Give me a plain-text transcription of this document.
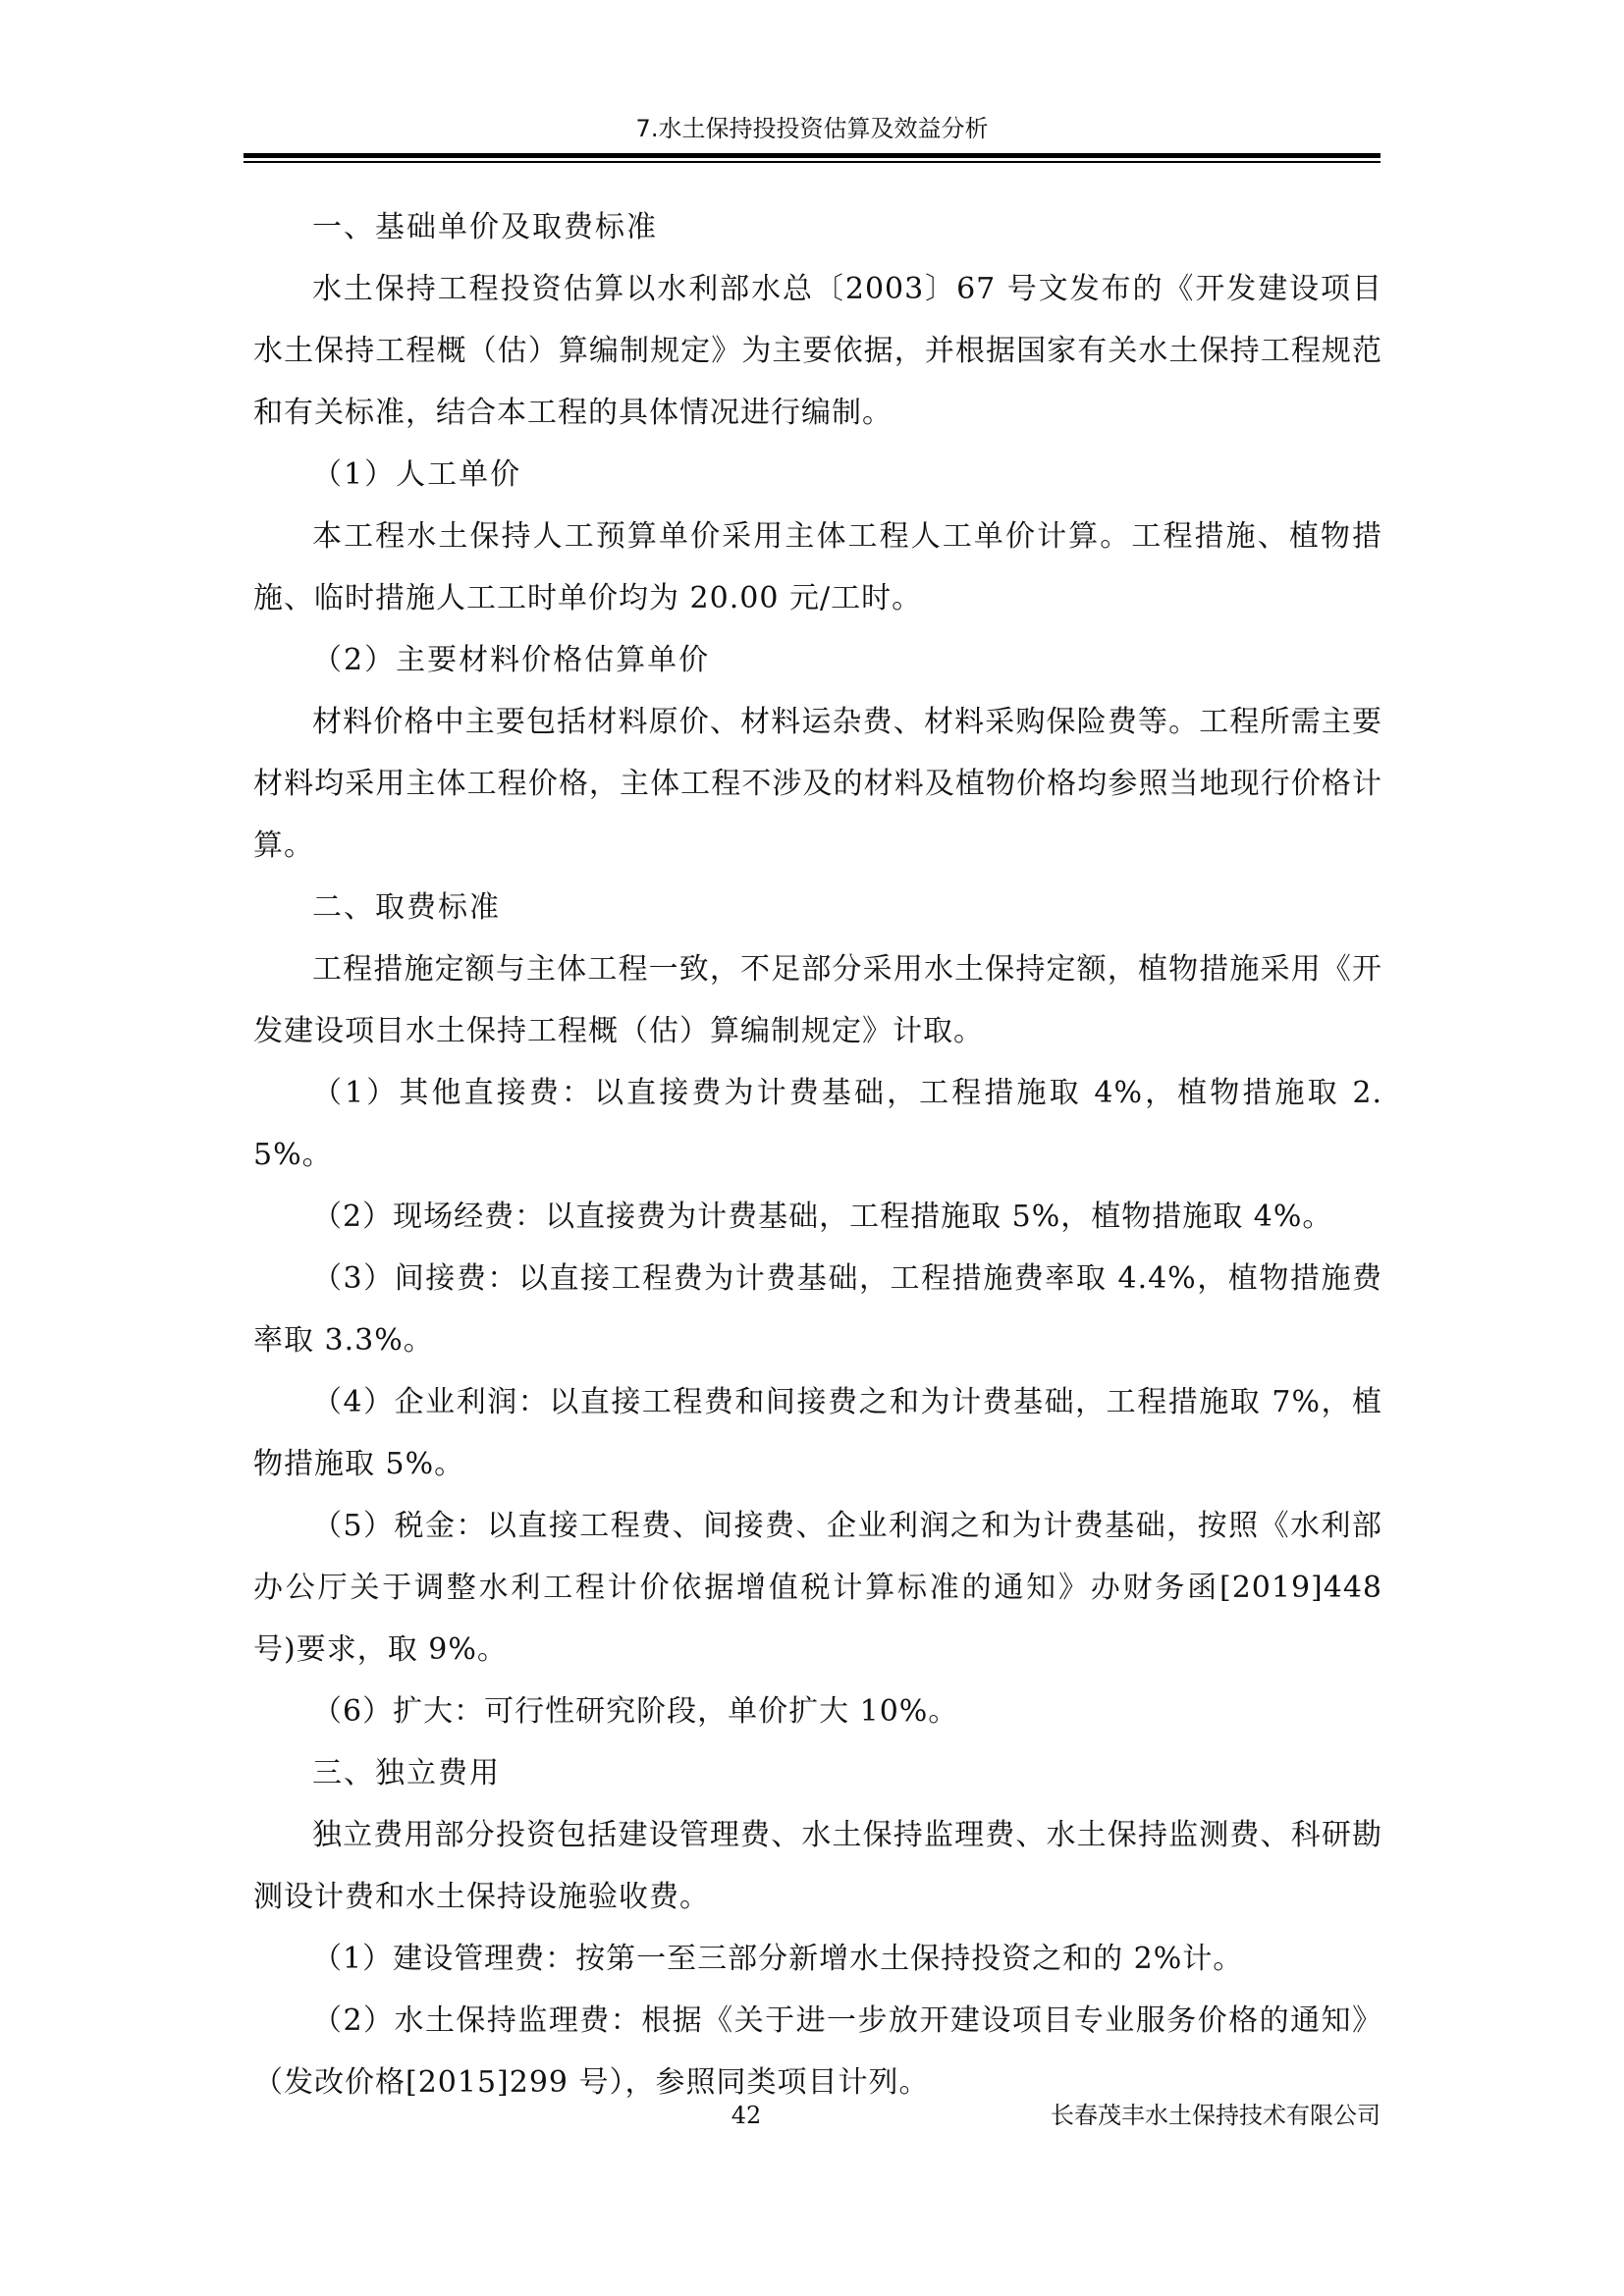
7.水土保持投投资估算及效益分析

一、基础单价及取费标准

水土保持工程投资估算以水利部水总〔2003〕67 号文发布的《开发建设项目水土保持工程概（估）算编制规定》为主要依据，并根据国家有关水土保持工程规范和有关标准，结合本工程的具体情况进行编制。

（1）人工单价

本工程水土保持人工预算单价采用主体工程人工单价计算。工程措施、植物措施、临时措施人工工时单价均为 20.00 元/工时。

（2）主要材料价格估算单价

材料价格中主要包括材料原价、材料运杂费、材料采购保险费等。工程所需主要材料均采用主体工程价格，主体工程不涉及的材料及植物价格均参照当地现行价格计算。

二、取费标准

工程措施定额与主体工程一致，不足部分采用水土保持定额，植物措施采用《开发建设项目水土保持工程概（估）算编制规定》计取。

（1）其他直接费：以直接费为计费基础，工程措施取 4%，植物措施取 2.5%。

（2）现场经费：以直接费为计费基础，工程措施取 5%，植物措施取 4%。

（3）间接费：以直接工程费为计费基础，工程措施费率取 4.4%，植物措施费率取 3.3%。

（4）企业利润：以直接工程费和间接费之和为计费基础，工程措施取 7%，植物措施取 5%。

（5）税金：以直接工程费、间接费、企业利润之和为计费基础，按照《水利部办公厅关于调整水利工程计价依据增值税计算标准的通知》办财务函[2019]448 号)要求，取 9%。

（6）扩大：可行性研究阶段，单价扩大 10%。

三、独立费用

独立费用部分投资包括建设管理费、水土保持监理费、水土保持监测费、科研勘测设计费和水土保持设施验收费。

（1）建设管理费：按第一至三部分新增水土保持投资之和的 2%计。

（2）水土保持监理费：根据《关于进一步放开建设项目专业服务价格的通知》（发改价格[2015]299 号），参照同类项目计列。

42	长春茂丰水土保持技术有限公司
